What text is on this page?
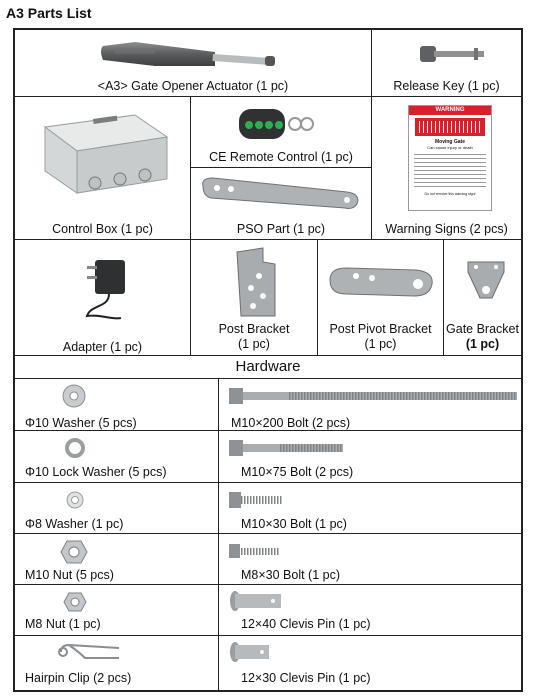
A3 Parts List
<A3> Gate Opener Actuator (1 pc)	Release Key (1 pc)
Control Box (1 pc)
CE Remote Control (1 pc)
PSO Part (1 pc)
WARNING
Moving Gate
Can cause injury or death
Do not remove this warning sign!
Warning Signs (2 pcs)
Adapter (1 pc)
Post Bracket
(1 pc)
Post Pivot Bracket
(1 pc)
Gate Bracket
(1 pc)
Hardware
Φ10 Washer (5 pcs)
Φ10 Lock Washer (5 pcs)
Φ8 Washer (1 pc)
M10 Nut (5 pcs)
M8 Nut (1 pc)
Hairpin Clip (2 pcs)
M10×200 Bolt (2 pcs)
M10×75 Bolt (2 pcs)
M10×30 Bolt (1 pc)
M8×30 Bolt (1 pc)
12×40 Clevis Pin (1 pc)
12×30 Clevis Pin (1 pc)
